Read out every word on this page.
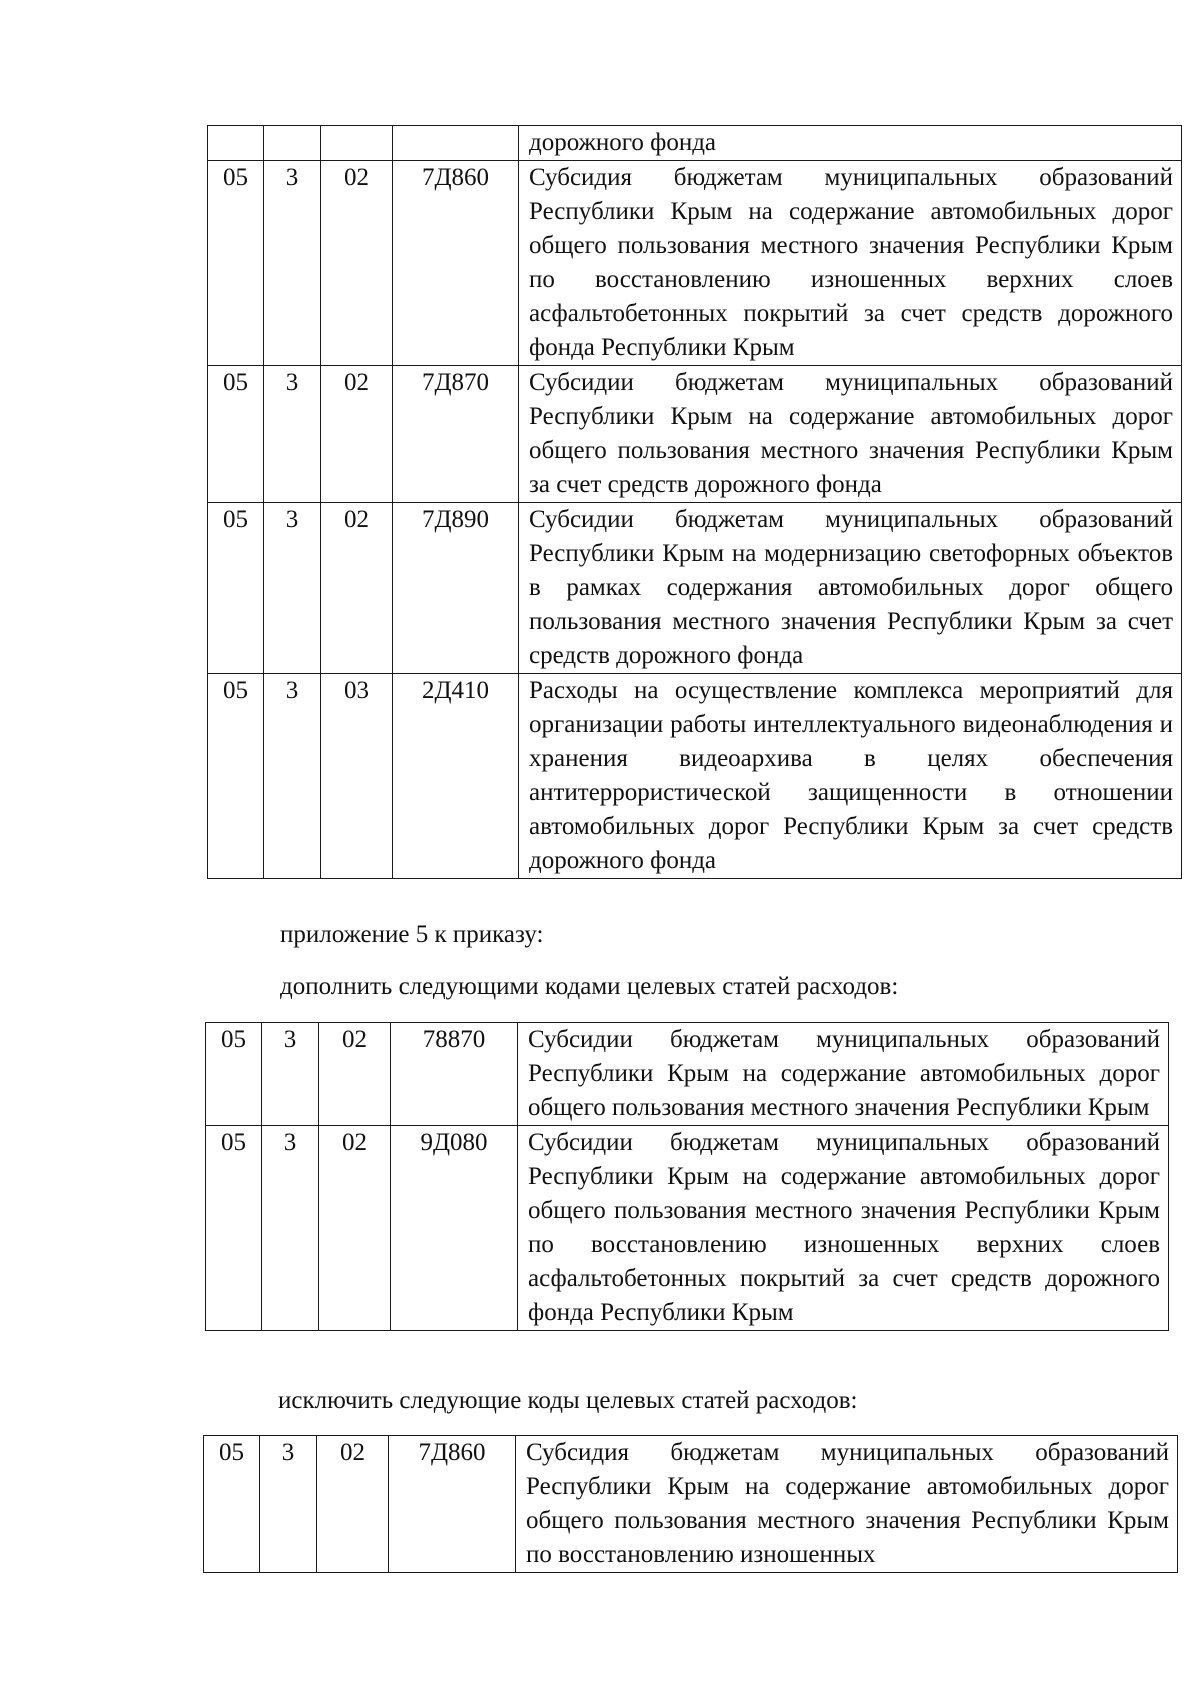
				дорожного фонда
05	3	02	7Д860	Субсидия бюджетам муниципальных образований Республики Крым на содержание автомобильных дорог общего пользования местного значения Республики Крым по восстановлению изношенных верхних слоев асфальтобетонных покрытий за счет средств дорожного фонда Республики Крым
05	3	02	7Д870	Субсидии бюджетам муниципальных образований Республики Крым на содержание автомобильных дорог общего пользования местного значения Республики Крым за счет средств дорожного фонда
05	3	02	7Д890	Субсидии бюджетам муниципальных образований Республики Крым на модернизацию светофорных объектов в рамках содержания автомобильных дорог общего пользования местного значения Республики Крым за счет средств дорожного фонда
05	3	03	2Д410	Расходы на осуществление комплекса мероприятий для организации работы интеллектуального видеонаблюдения и хранения видеоархива в целях обеспечения антитеррористической защищенности в отношении автомобильных дорог Республики Крым за счет средств дорожного фонда

приложение 5 к приказу:

дополнить следующими кодами целевых статей расходов:

05	3	02	78870	Субсидии бюджетам муниципальных образований Республики Крым на содержание автомобильных дорог общего пользования местного значения Республики Крым
05	3	02	9Д080	Субсидии бюджетам муниципальных образований Республики Крым на содержание автомобильных дорог общего пользования местного значения Республики Крым по восстановлению изношенных верхних слоев асфальтобетонных покрытий за счет средств дорожного фонда Республики Крым

исключить следующие коды целевых статей расходов:

05	3	02	7Д860	Субсидия бюджетам муниципальных образований Республики Крым на содержание автомобильных дорог общего пользования местного значения Республики Крым по восстановлению изношенных
